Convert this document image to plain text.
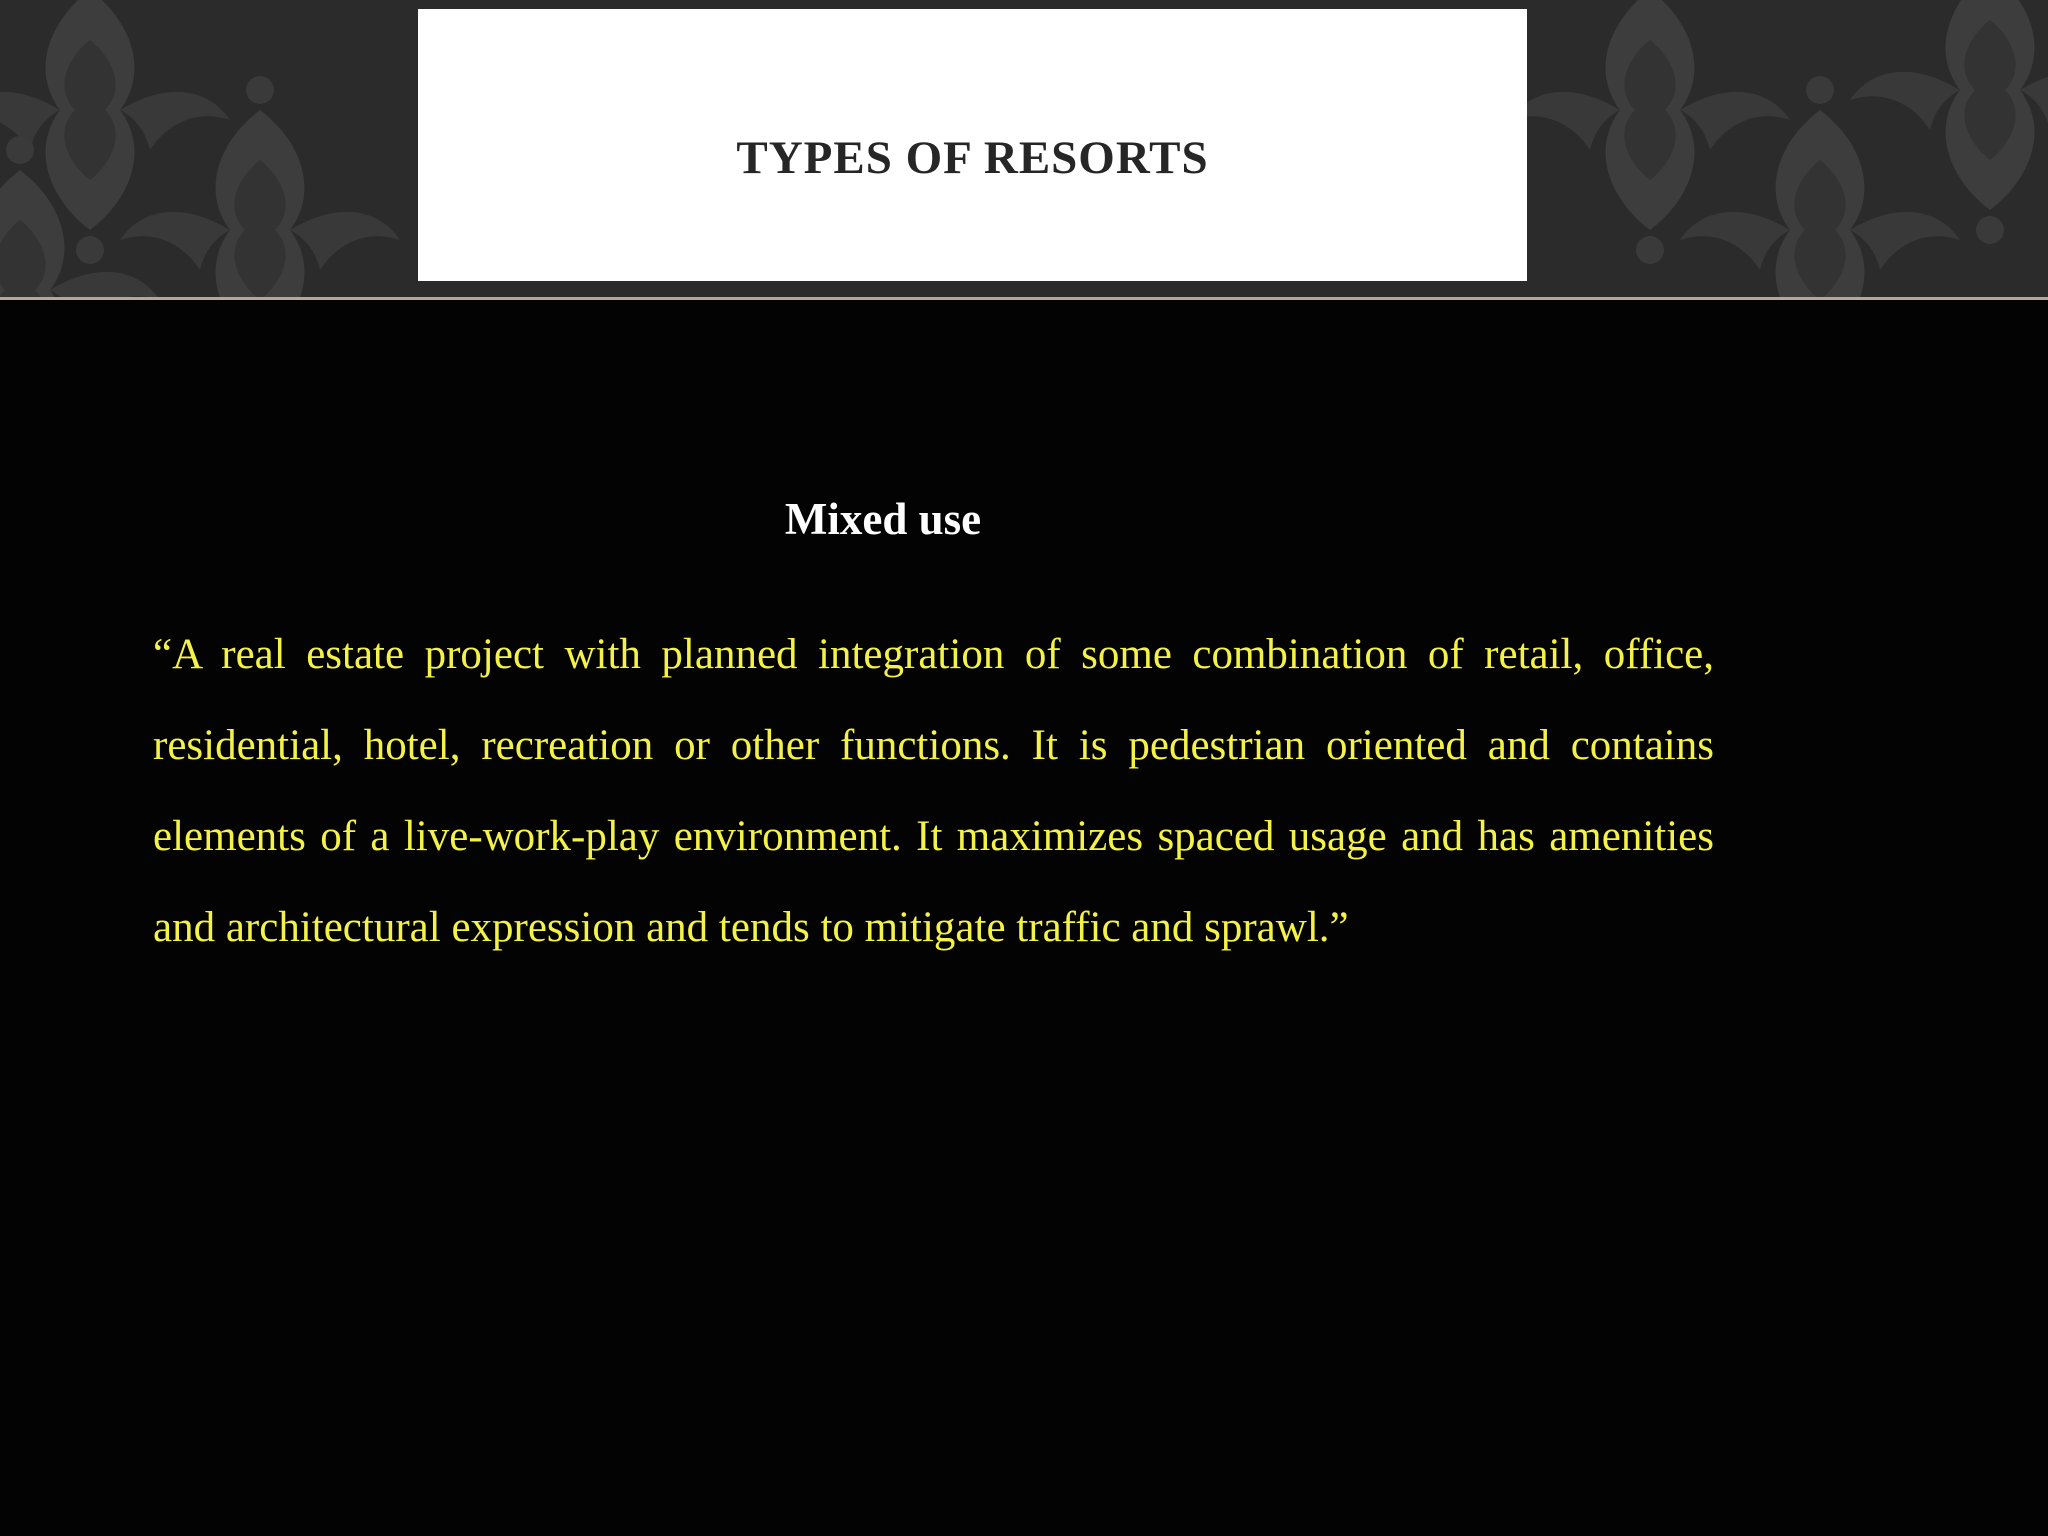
TYPES OF RESORTS
Mixed use

“A real estate project with planned integration of some combination of retail, office, residential, hotel, recreation or other functions. It is pedestrian oriented and contains elements of a live-work-play environment. It maximizes spaced usage and has amenities and architectural expression and tends to mitigate traffic and sprawl.”
